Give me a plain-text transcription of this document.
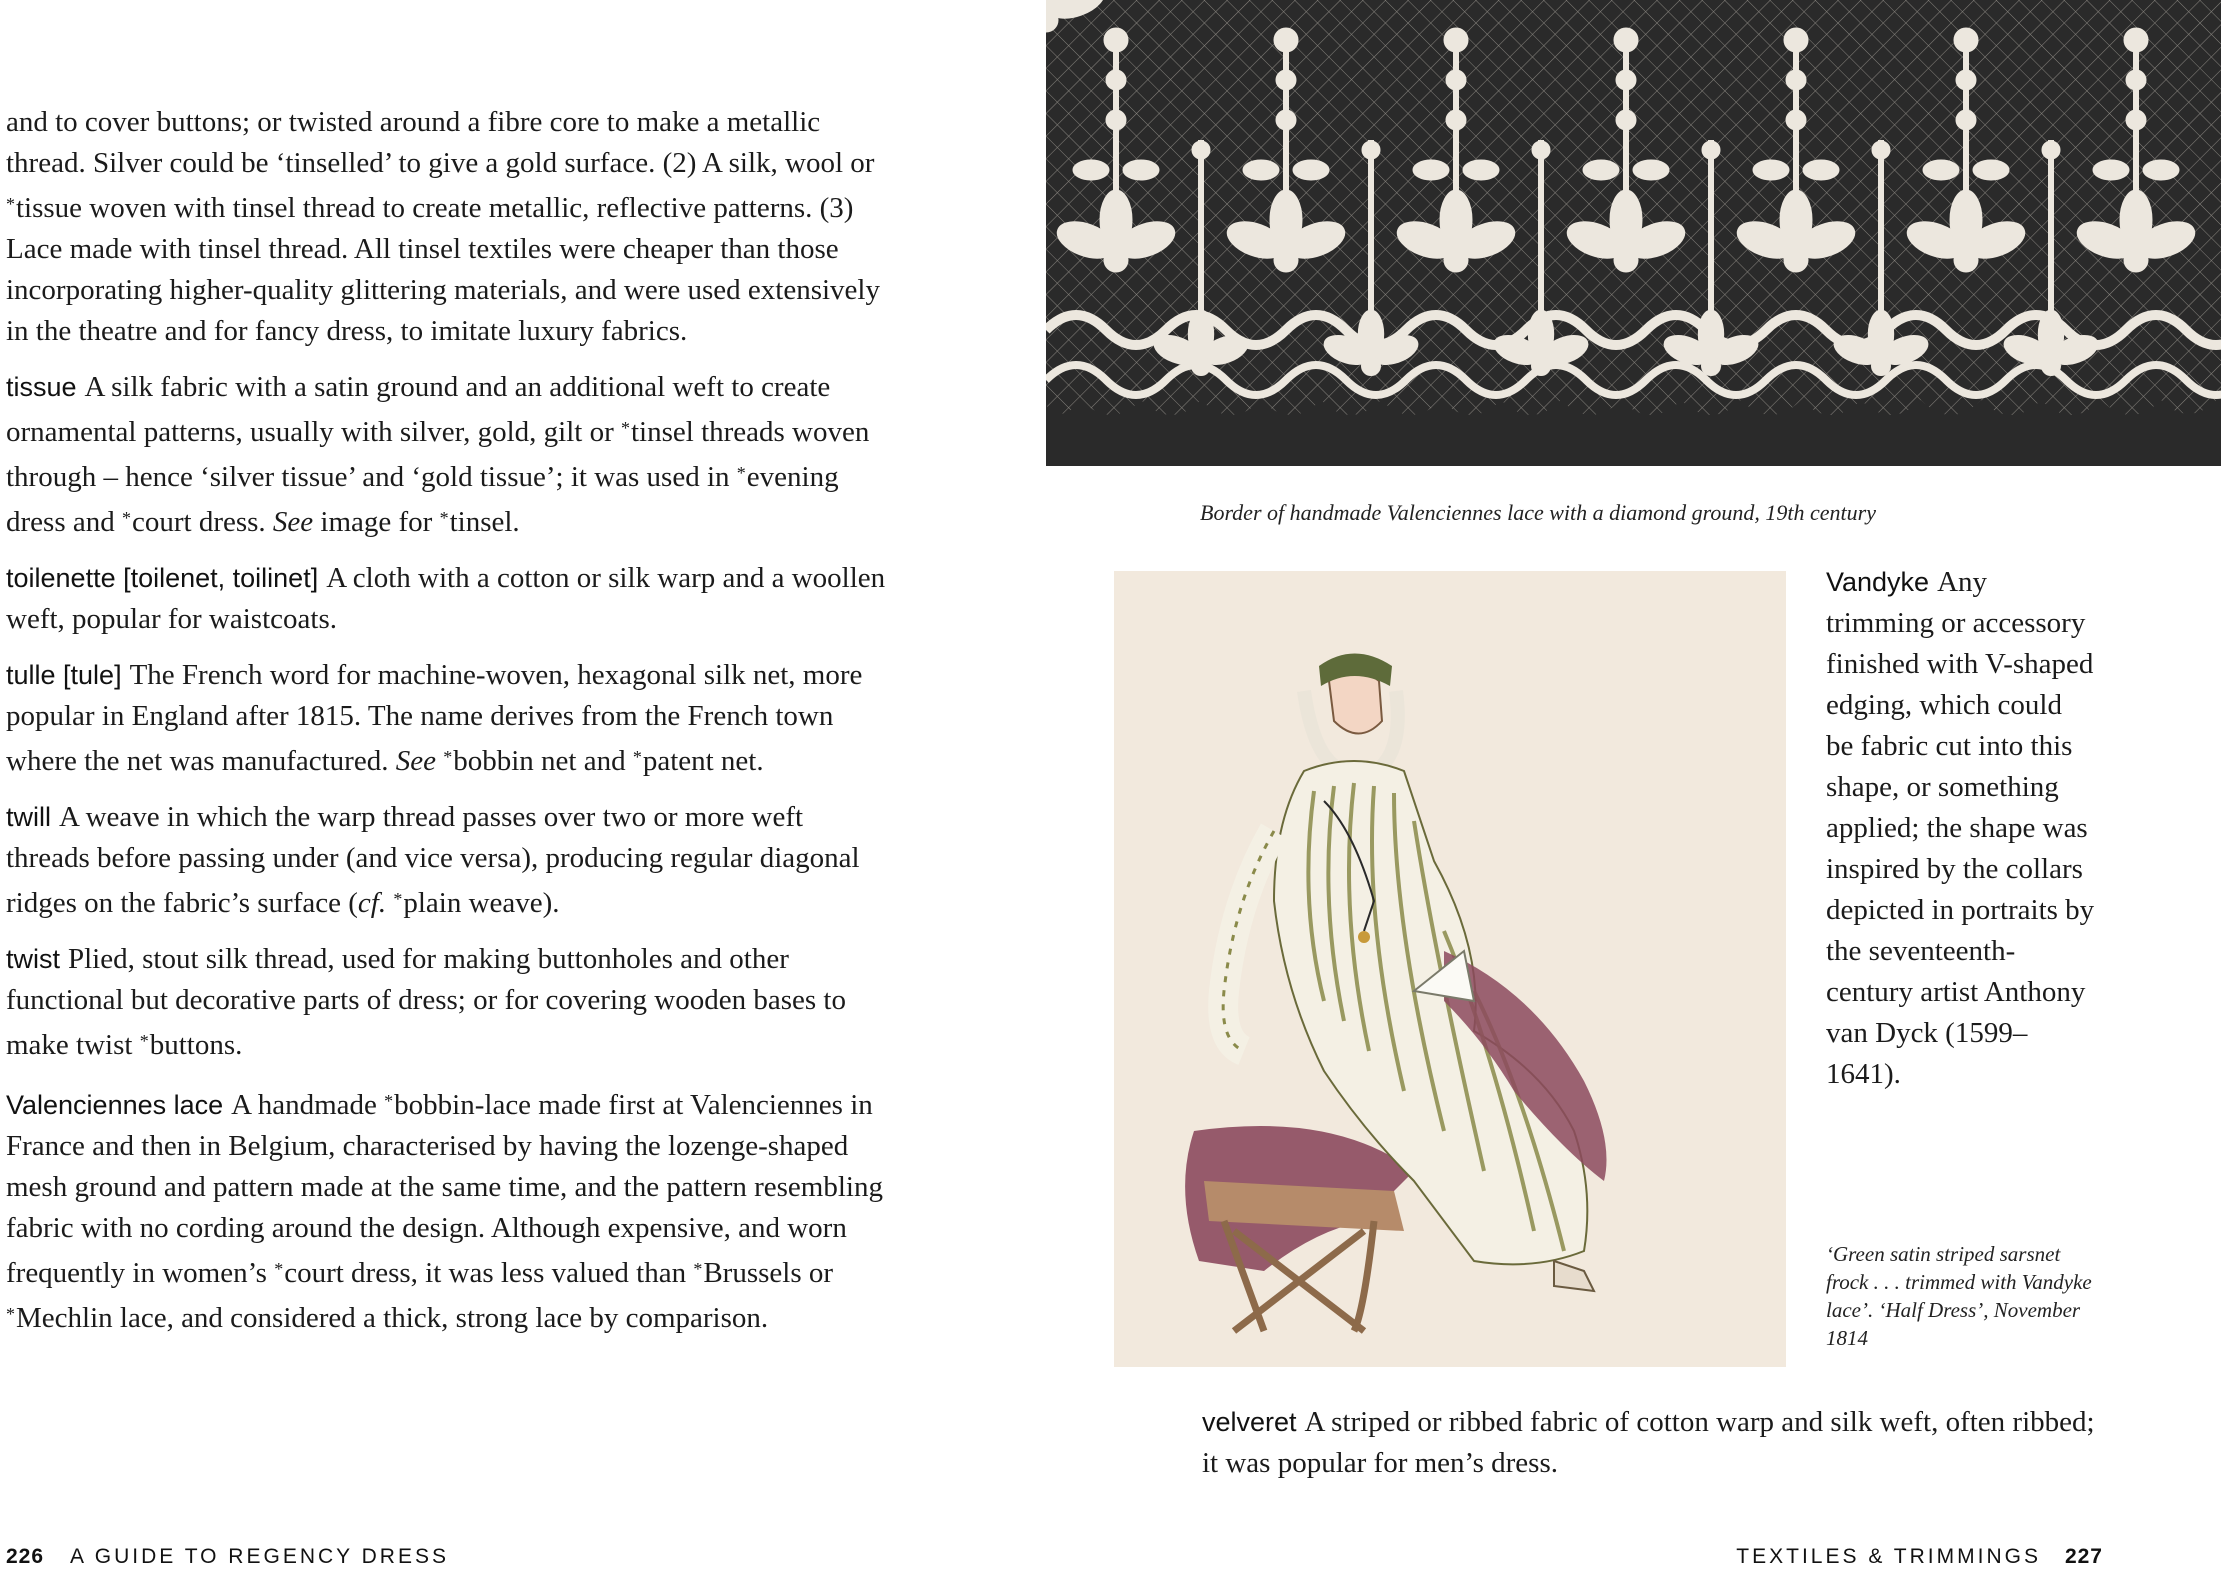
and to cover buttons; or twisted around a fibre core to make a metallic thread. Silver could be ‘tinselled’ to give a gold surface. (2) A silk, wool or *tissue woven with tinsel thread to create metallic, reflective patterns. (3) Lace made with tinsel thread. All tinsel textiles were cheaper than those incorporating higher-quality glittering materials, and were used extensively in the theatre and for fancy dress, to imitate luxury fabrics.

tissue A silk fabric with a satin ground and an additional weft to create ornamental patterns, usually with silver, gold, gilt or *tinsel threads woven through – hence ‘silver tissue’ and ‘gold tissue’; it was used in *evening dress and *court dress. See image for *tinsel.

toilenette [toilenet, toilinet] A cloth with a cotton or silk warp and a woollen weft, popular for waistcoats.

tulle [tule] The French word for machine-woven, hexagonal silk net, more popular in England after 1815. The name derives from the French town where the net was manufactured. See *bobbin net and *patent net.

twill A weave in which the warp thread passes over two or more weft threads before passing under (and vice versa), producing regular diagonal ridges on the fabric’s surface (cf. *plain weave).

twist Plied, stout silk thread, used for making buttonholes and other functional but decorative parts of dress; or for covering wooden bases to make twist *buttons.

Valenciennes lace A handmade *bobbin-lace made first at Valenciennes in France and then in Belgium, characterised by having the lozenge-shaped mesh ground and pattern made at the same time, and the pattern resembling fabric with no cording around the design. Although expensive, and worn frequently in women’s *court dress, it was less valued than *Brussels or *Mechlin lace, and considered a thick, strong lace by comparison.

226 A GUIDE TO REGENCY DRESS
Border of handmade Valenciennes lace with a diamond ground, 19th century

Vandyke Any trimming or accessory finished with V-shaped edging, which could be fabric cut into this shape, or something applied; the shape was inspired by the collars depicted in portraits by the seventeenth-century artist Anthony van Dyck (1599–1641).

‘Green satin striped sarsnet frock . . . trimmed with Vandyke lace’. ‘Half Dress’, November 1814

velveret A striped or ribbed fabric of cotton warp and silk weft, often ribbed; it was popular for men’s dress.

TEXTILES & TRIMMINGS 227
